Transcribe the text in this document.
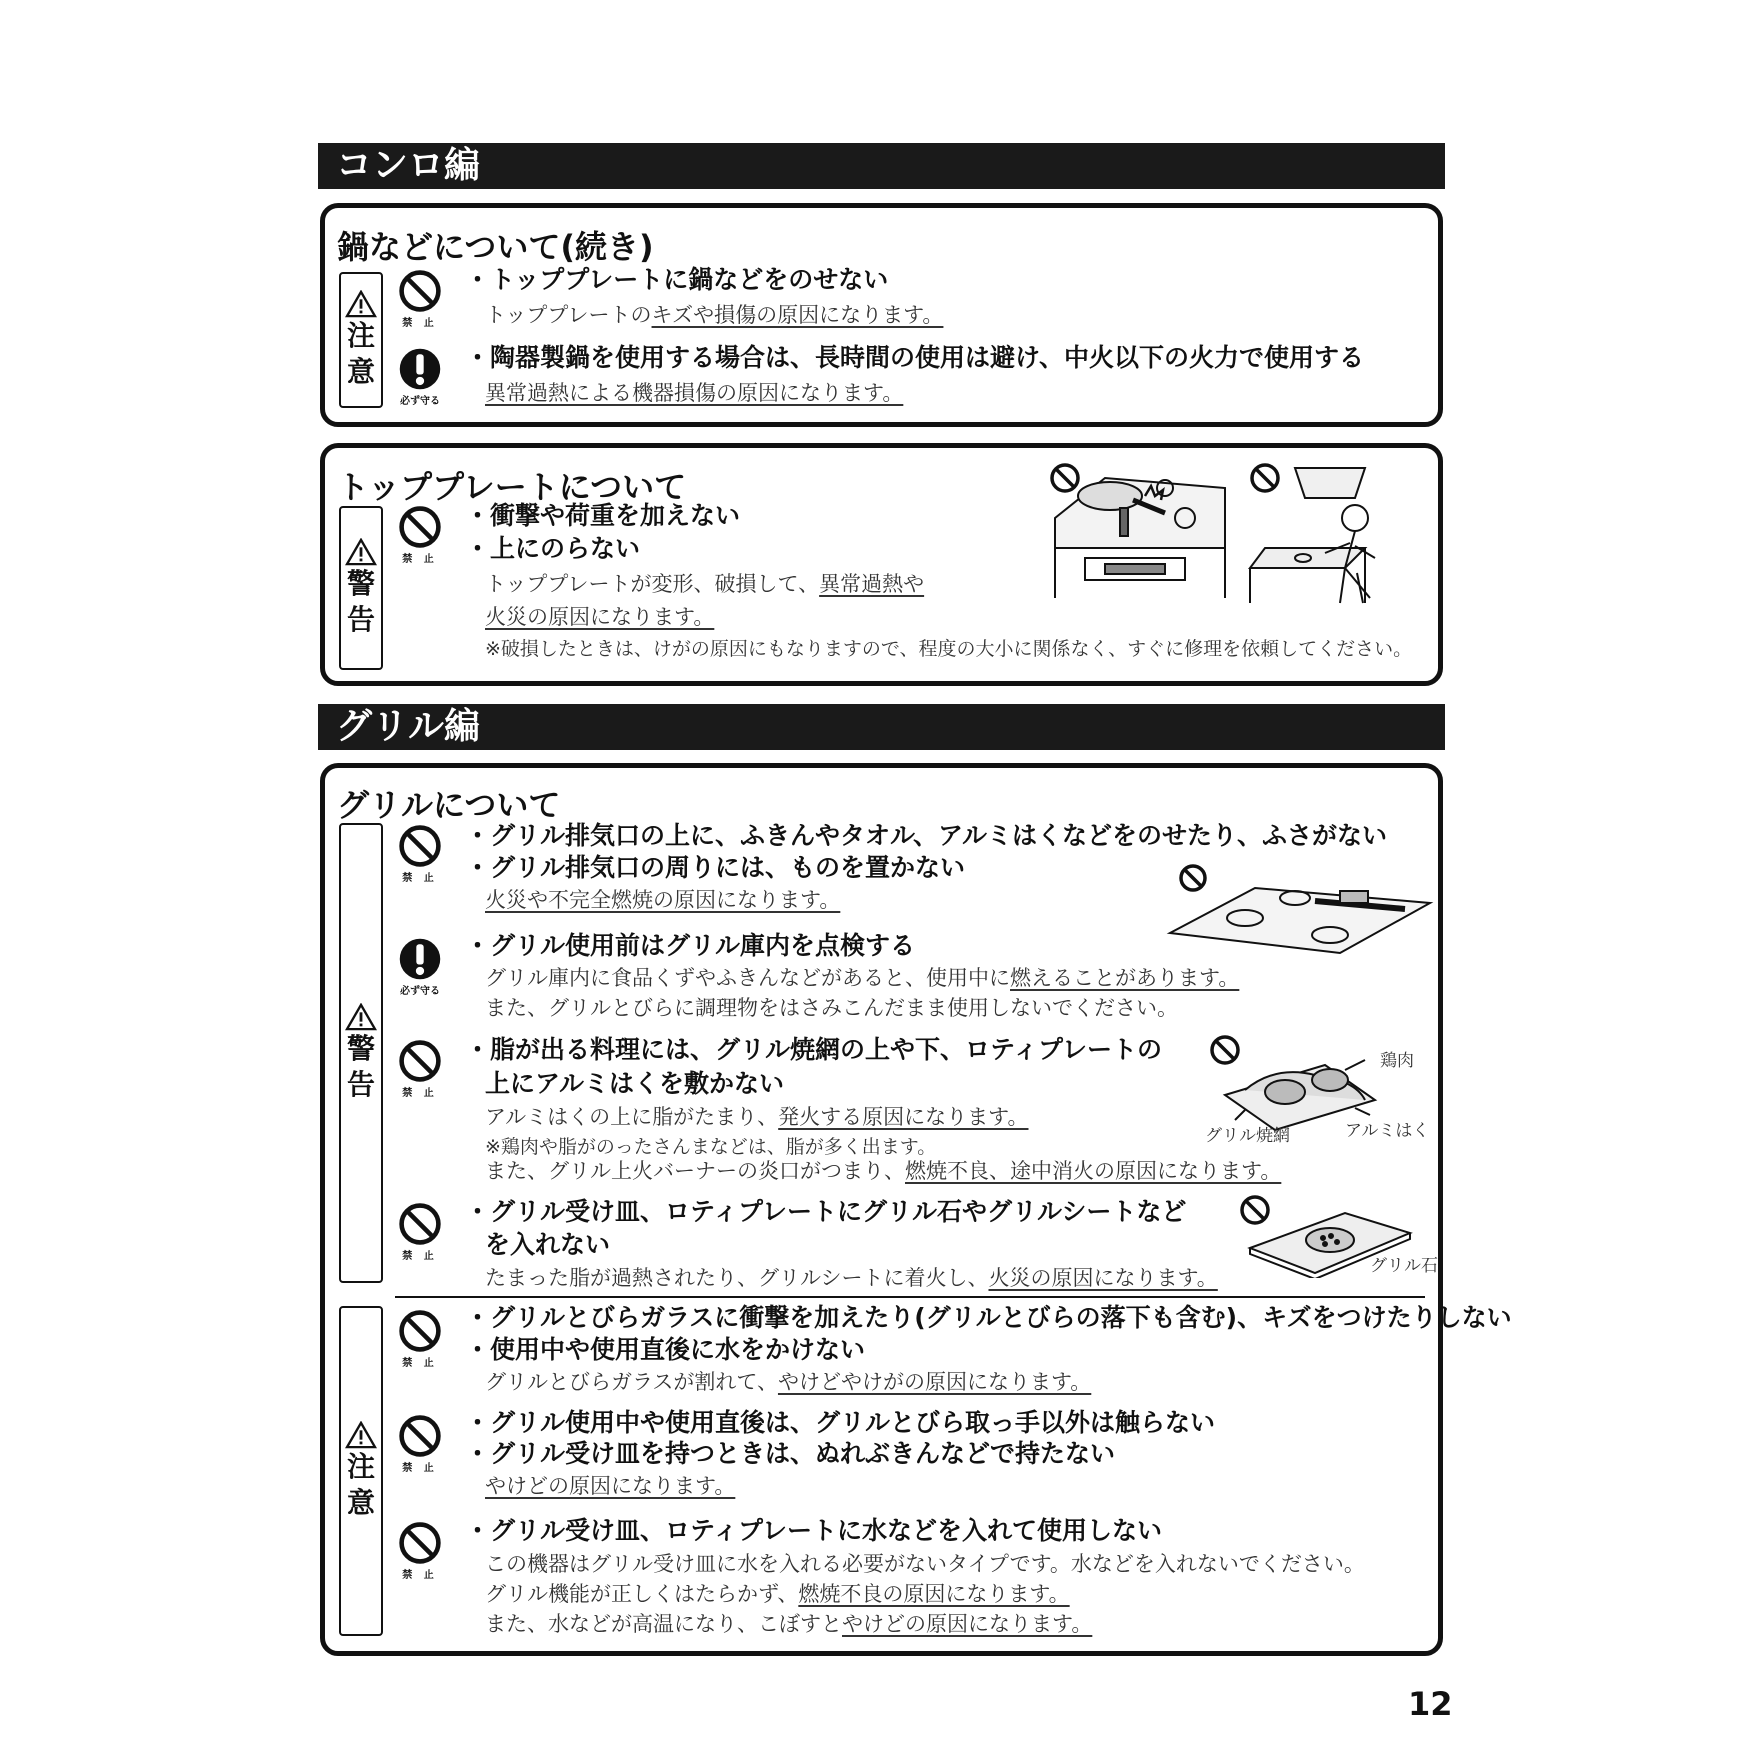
コンロ編
鍋などについて(続き)
注
意
禁 止
必ず守る
・トッププレートに鍋などをのせない
トッププレートのキズや損傷の原因になります。
・陶器製鍋を使用する場合は、長時間の使用は避け、中火以下の火力で使用する
異常過熱による機器損傷の原因になります。
トッププレートについて
警
告
禁 止
・衝撃や荷重を加えない
・上にのらない
トッププレートが変形、破損して、異常過熱や
火災の原因になります。
※破損したときは、けがの原因にもなりますので、程度の大小に関係なく、すぐに修理を依頼してください。
グリル編
グリルについて
警
告
注
意
禁 止
・グリル排気口の上に、ふきんやタオル、アルミはくなどをのせたり、ふさがない
・グリル排気口の周りには、ものを置かない
火災や不完全燃焼の原因になります。
必ず守る
・グリル使用前はグリル庫内を点検する
グリル庫内に食品くずやふきんなどがあると、使用中に燃えることがあります。
また、グリルとびらに調理物をはさみこんだまま使用しないでください。
禁 止
・脂が出る料理には、グリル焼網の上や下、ロティプレートの
上にアルミはくを敷かない
アルミはくの上に脂がたまり、発火する原因になります。
※鶏肉や脂がのったさんまなどは、脂が多く出ます。
また、グリル上火バーナーの炎口がつまり、燃焼不良、途中消火の原因になります。
鶏肉
グリル焼網	アルミはく
禁 止
・グリル受け皿、ロティプレートにグリル石やグリルシートなど
を入れない
たまった脂が過熱されたり、グリルシートに着火し、火災の原因になります。	グリル石
禁 止
・グリルとびらガラスに衝撃を加えたり(グリルとびらの落下も含む)、キズをつけたりしない
・使用中や使用直後に水をかけない
グリルとびらガラスが割れて、やけどやけがの原因になります。
禁 止
・グリル使用中や使用直後は、グリルとびら取っ手以外は触らない
・グリル受け皿を持つときは、ぬれぶきんなどで持たない
やけどの原因になります。
禁 止
・グリル受け皿、ロティプレートに水などを入れて使用しない
この機器はグリル受け皿に水を入れる必要がないタイプです。水などを入れないでください。
グリル機能が正しくはたらかず、燃焼不良の原因になります。
また、水などが高温になり、こぼすとやけどの原因になります。
12
